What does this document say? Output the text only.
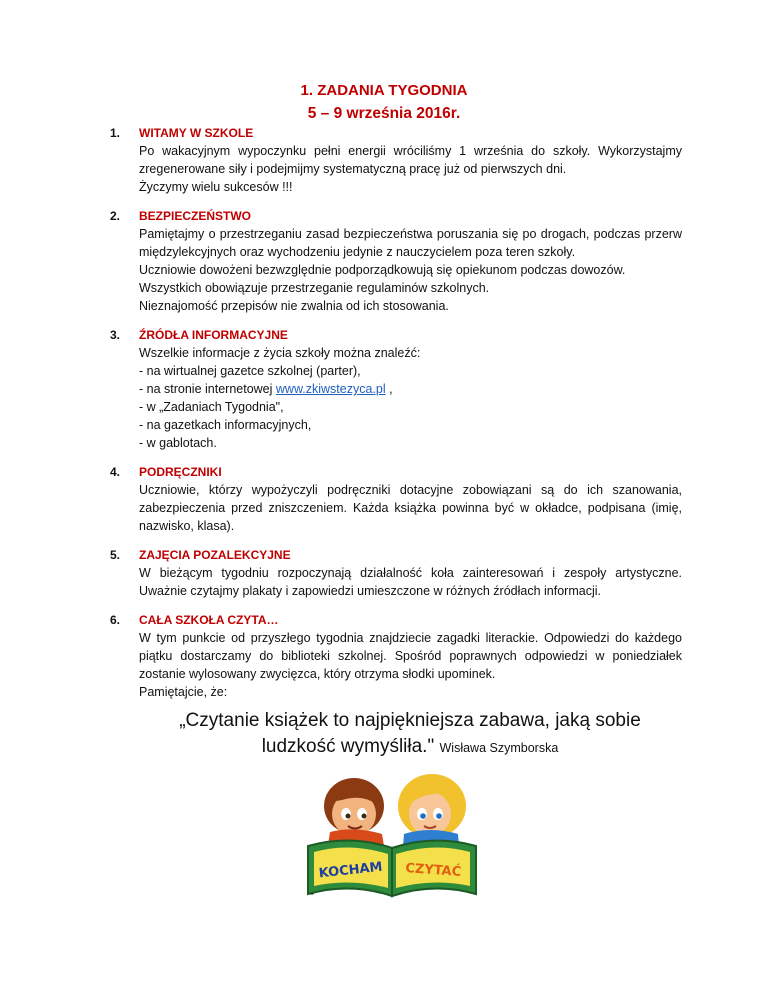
1. ZADANIA TYGODNIA
5 – 9 września 2016r.
1.	WITAMY W SZKOLE

Po wakacyjnym wypoczynku pełni energii wróciliśmy 1 września do szkoły. Wykorzystajmy zregenerowane siły i podejmijmy systematyczną pracę już od pierwszych dni.

Życzymy wielu sukcesów !!!

2.	BEZPIECZEŃSTWO

Pamiętajmy o przestrzeganiu zasad bezpieczeństwa poruszania się po drogach, podczas przerw międzylekcyjnych oraz wychodzeniu jedynie z nauczycielem poza teren szkoły.

Uczniowie dowożeni bezwzględnie podporządkowują się opiekunom podczas dowozów.

Wszystkich obowiązuje przestrzeganie regulaminów szkolnych.

Nieznajomość przepisów nie zwalnia od ich stosowania.

3.	ŹRÓDŁA INFORMACYJNE

Wszelkie informacje z życia szkoły można znaleźć:

- na wirtualnej gazetce szkolnej (parter),

- na stronie internetowej www.zkiwstezyca.pl ,

- w „Zadaniach Tygodnia",

- na gazetkach informacyjnych,

- w gablotach.

4.	PODRĘCZNIKI

Uczniowie, którzy wypożyczyli podręczniki dotacyjne zobowiązani są do ich szanowania, zabezpieczenia przed zniszczeniem. Każda książka powinna być w okładce, podpisana (imię, nazwisko, klasa).

5.	ZAJĘCIA POZALEKCYJNE

W bieżącym tygodniu rozpoczynają działalność koła zainteresowań i zespoły artystyczne. Uważnie czytajmy plakaty i zapowiedzi umieszczone w różnych źródłach informacji.

6.	CAŁA SZKOŁA CZYTA…

W tym punkcie od przyszłego tygodnia znajdziecie zagadki literackie. Odpowiedzi do każdego piątku dostarczamy do biblioteki szkolnej. Spośród poprawnych odpowiedzi w poniedziałek zostanie wylosowany zwycięzca, który otrzyma słodki upominek.

Pamiętajcie, że:

„Czytanie książek to najpiękniejsza zabawa, jaką sobie ludzkość wymyśliła." Wisława Szymborska
KOCHAM CZYTAĆ
-
